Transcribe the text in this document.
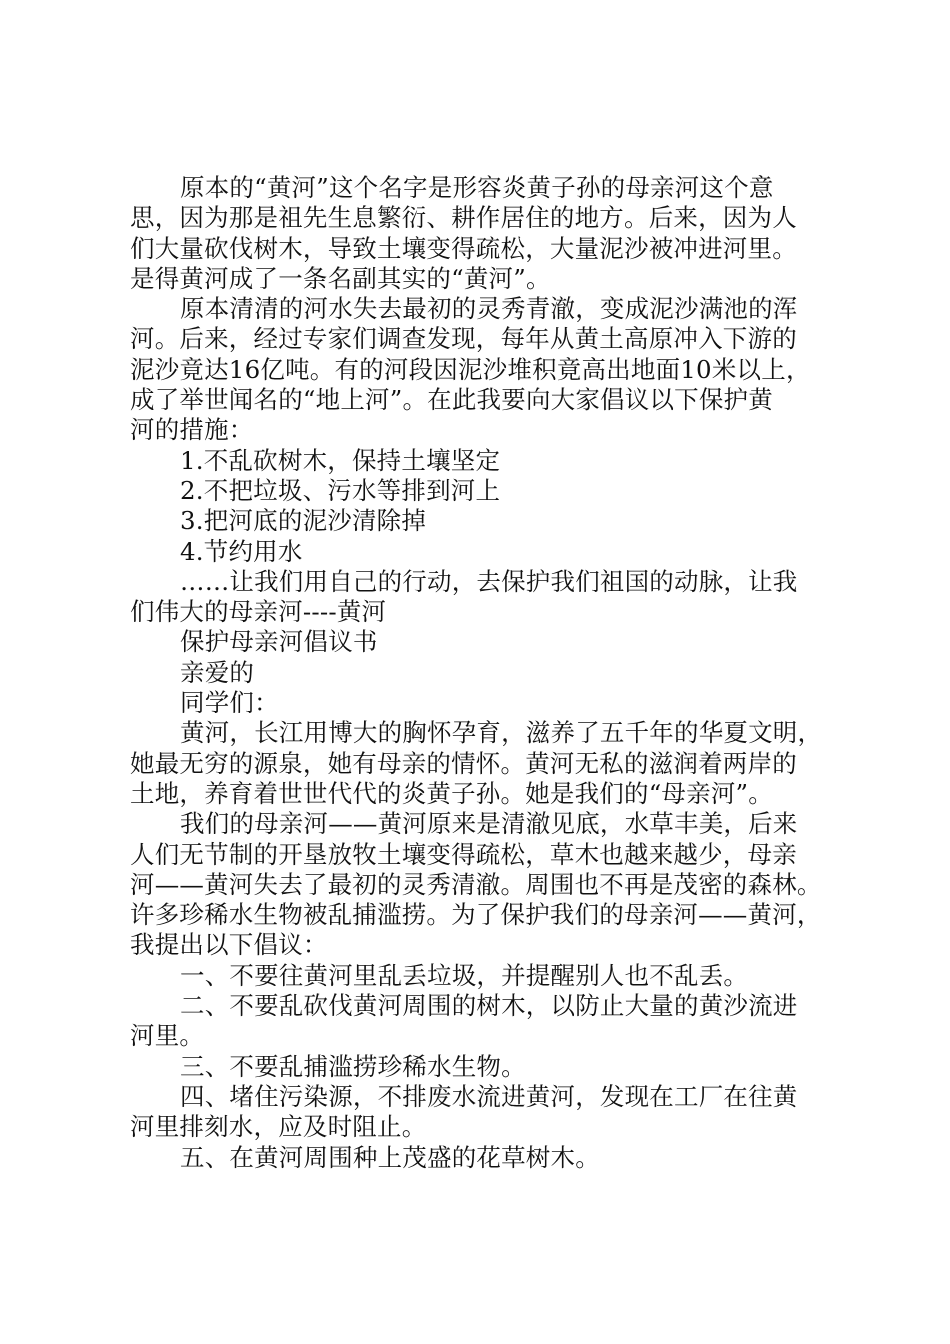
原本的“黄河”这个名字是形容炎黄子孙的母亲河这个意
思，因为那是祖先生息繁衍、耕作居住的地方。后来，因为人
们大量砍伐树木，导致土壤变得疏松，大量泥沙被冲进河里。
是得黄河成了一条名副其实的“黄河”。
原本清清的河水失去最初的灵秀青澈，变成泥沙满池的浑
河。后来，经过专家们调查发现，每年从黄土高原冲入下游的
泥沙竟达16亿吨。有的河段因泥沙堆积竟高出地面10米以上，
成了举世闻名的“地上河”。在此我要向大家倡议以下保护黄
河的措施：
1.不乱砍树木，保持土壤坚定
2.不把垃圾、污水等排到河上
3.把河底的泥沙清除掉
4.节约用水
……让我们用自己的行动，去保护我们祖国的动脉，让我
们伟大的母亲河----黄河
保护母亲河倡议书
亲爱的
同学们：
黄河，长江用博大的胸怀孕育，滋养了五千年的华夏文明，
她最无穷的源泉，她有母亲的情怀。黄河无私的滋润着两岸的
土地，养育着世世代代的炎黄子孙。她是我们的“母亲河”。
我们的母亲河——黄河原来是清澈见底，水草丰美，后来
人们无节制的开垦放牧土壤变得疏松，草木也越来越少，母亲
河——黄河失去了最初的灵秀清澈。周围也不再是茂密的森林。
许多珍稀水生物被乱捕滥捞。为了保护我们的母亲河——黄河，
我提出以下倡议：
一、不要往黄河里乱丢垃圾，并提醒别人也不乱丢。
二、不要乱砍伐黄河周围的树木，以防止大量的黄沙流进
河里。
三、不要乱捕滥捞珍稀水生物。
四、堵住污染源，不排废水流进黄河，发现在工厂在往黄
河里排刻水，应及时阻止。
五、在黄河周围种上茂盛的花草树木。
